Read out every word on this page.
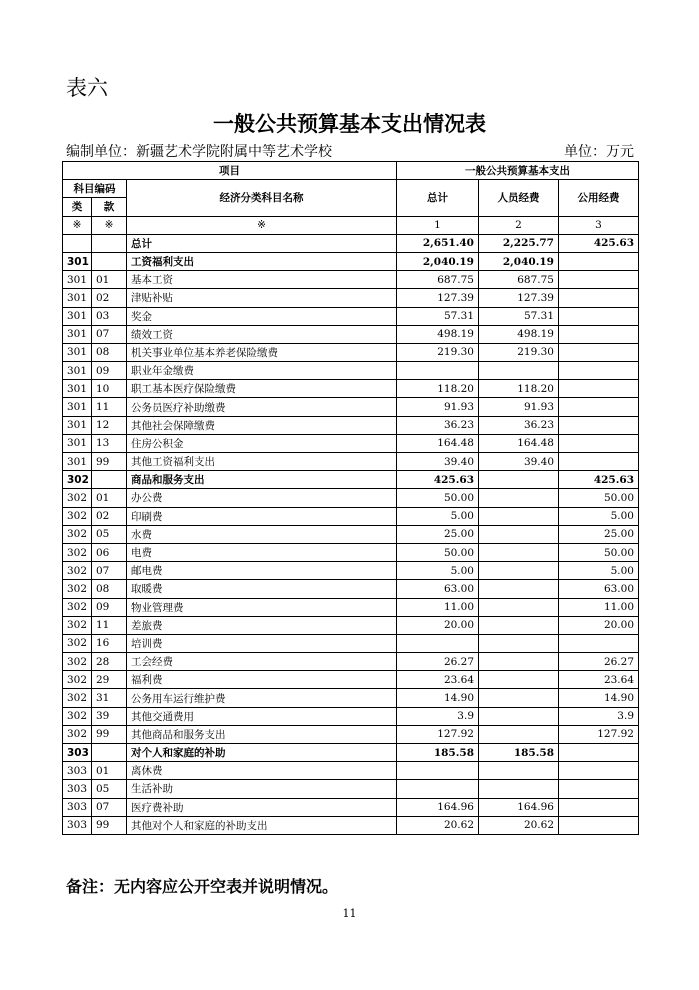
表六
一般公共预算基本支出情况表
编制单位：新疆艺术学院附属中等艺术学校	单位：万元
项目			一般公共预算基本支出		
科目编码		经济分类科目名称	总计	人员经费	公用经费
类	款				
※	※	※	1	2	3
		总计	2,651.40	2,225.77	425.63
301		工资福利支出	2,040.19	2,040.19	
301	01	基本工资	687.75	687.75	
301	02	津贴补贴	127.39	127.39	
301	03	奖金	57.31	57.31	
301	07	绩效工资	498.19	498.19	
301	08	机关事业单位基本养老保险缴费	219.30	219.30	
301	09	职业年金缴费			
301	10	职工基本医疗保险缴费	118.20	118.20	
301	11	公务员医疗补助缴费	91.93	91.93	
301	12	其他社会保障缴费	36.23	36.23	
301	13	住房公积金	164.48	164.48	
301	99	其他工资福利支出	39.40	39.40	
302		商品和服务支出	425.63		425.63
302	01	办公费	50.00		50.00
302	02	印刷费	5.00		5.00
302	05	水费	25.00		25.00
302	06	电费	50.00		50.00
302	07	邮电费	5.00		5.00
302	08	取暖费	63.00		63.00
302	09	物业管理费	11.00		11.00
302	11	差旅费	20.00		20.00
302	16	培训费			
302	28	工会经费	26.27		26.27
302	29	福利费	23.64		23.64
302	31	公务用车运行维护费	14.90		14.90
302	39	其他交通费用	3.9		3.9
302	99	其他商品和服务支出	127.92		127.92
303		对个人和家庭的补助	185.58	185.58	
303	01	离休费			
303	05	生活补助			
303	07	医疗费补助	164.96	164.96	
303	99	其他对个人和家庭的补助支出	20.62	20.62	
备注：无内容应公开空表并说明情况。
11
